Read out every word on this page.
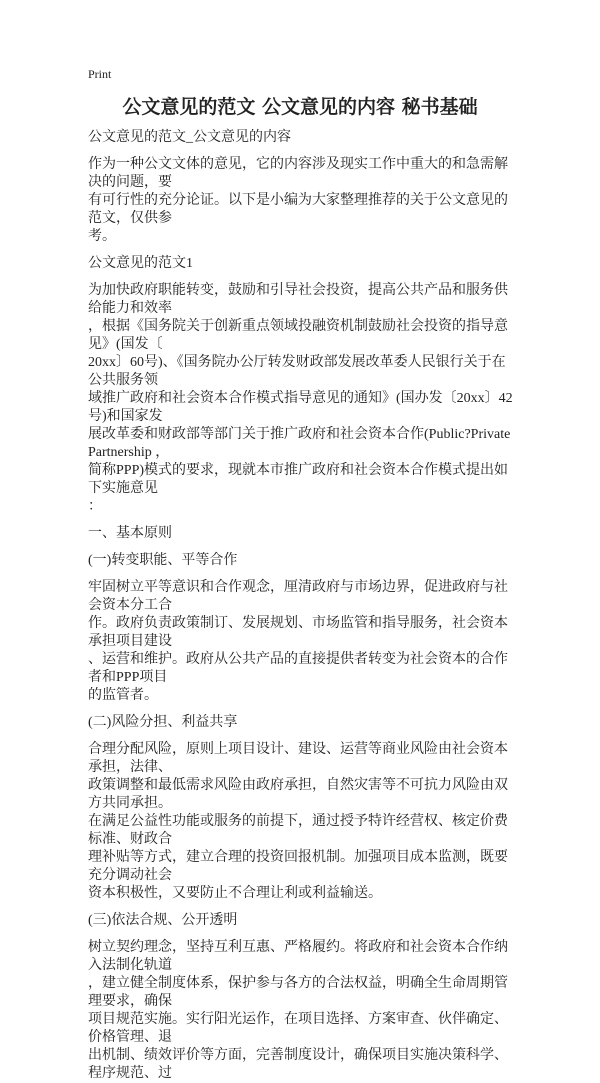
Print
公文意见的范文 公文意见的内容 秘书基础
公文意见的范文_公文意见的内容
作为一种公文文体的意见，它的内容涉及现实工作中重大的和急需解决的问题，要
有可行性的充分论证。以下是小编为大家整理推荐的关于公文意见的范文，仅供参
考。
公文意见的范文1
为加快政府职能转变，鼓励和引导社会投资，提高公共产品和服务供给能力和效率
，根据《国务院关于创新重点领域投融资机制鼓励社会投资的指导意见》(国发〔
20xx〕60号)、《国务院办公厅转发财政部发展改革委人民银行关于在公共服务领
域推广政府和社会资本合作模式指导意见的通知》(国办发〔20xx〕42号)和国家发
展改革委和财政部等部门关于推广政府和社会资本合作(Public?PrivatePartnership ，
简称PPP)模式的要求，现就本市推广政府和社会资本合作模式提出如下实施意见
：
一、基本原则
(一)转变职能、平等合作
牢固树立平等意识和合作观念，厘清政府与市场边界，促进政府与社会资本分工合
作。政府负责政策制订、发展规划、市场监管和指导服务，社会资本承担项目建设
、运营和维护。政府从公共产品的直接提供者转变为社会资本的合作者和PPP项目
的监管者。
(二)风险分担、利益共享
合理分配风险，原则上项目设计、建设、运营等商业风险由社会资本承担，法律、
政策调整和最低需求风险由政府承担，自然灾害等不可抗力风险由双方共同承担。
在满足公益性功能或服务的前提下，通过授予特许经营权、核定价费标准、财政合
理补贴等方式，建立合理的投资回报机制。加强项目成本监测，既要充分调动社会
资本积极性，又要防止不合理让利或利益输送。
(三)依法合规、公开透明
树立契约理念，坚持互利互惠、严格履约。将政府和社会资本合作纳入法制化轨道
，建立健全制度体系，保护参与各方的合法权益，明确全生命周期管理要求，确保
项目规范实施。实行阳光运作，在项目选择、方案审查、伙伴确定、价格管理、退
出机制、绩效评价等方面，完善制度设计，确保项目实施决策科学、程序规范、过
